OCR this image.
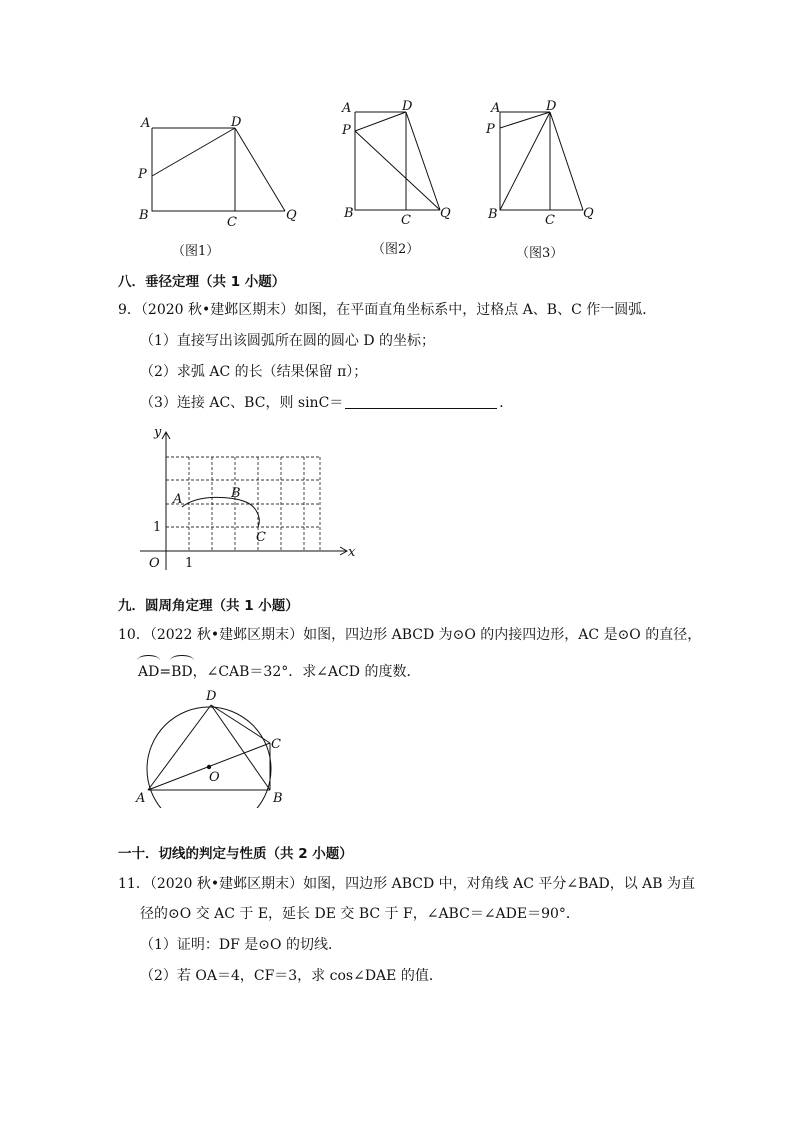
A	D
P
B	C	Q
（图1）
A	D
P
B	C Q
（图2）
A	D
P
B	C Q
（图3）
八．垂径定理（共 1 小题）
9．（2020 秋•建邺区期末）如图，在平面直角坐标系中，过格点 A、B、C 作一圆弧．
（1）直接写出该圆弧所在圆的圆心 D 的坐标；
（2）求弧 AC 的长（结果保留 π）；
（3）连接 AC、BC，则 sinC＝	．
y
x
O 1
1
A	B
C
九．圆周角定理（共 1 小题）
10．（2022 秋•建邺区期末）如图，四边形 ABCD 为⊙O 的内接四边形，AC 是⊙O 的直径，
AD=BD，∠CAB＝32°．求∠ACD 的度数．
D
C
O
A	B
一十．切线的判定与性质（共 2 小题）
11．（2020 秋•建邺区期末）如图，四边形 ABCD 中，对角线 AC 平分∠BAD，以 AB 为直
径的⊙O 交 AC 于 E，延长 DE 交 BC 于 F，∠ABC＝∠ADE＝90°．
（1）证明：DF 是⊙O 的切线．
（2）若 OA＝4，CF＝3，求 cos∠DAE 的值．
